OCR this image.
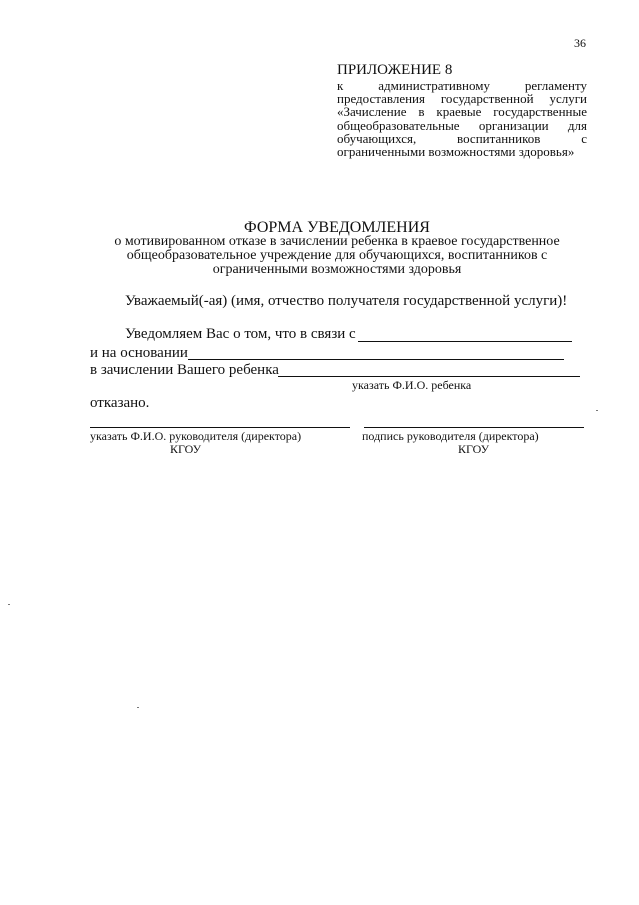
36
ПРИЛОЖЕНИЕ 8
к административному регламенту предоставления государственной услуги «Зачисление в краевые государственные общеобразовательные организации для обучающихся, воспитанников с ограниченными возможностями здоровья»
ФОРМА УВЕДОМЛЕНИЯ
о мотивированном отказе в зачислении ребенка в краевое государственное общеобразовательное учреждение для обучающихся, воспитанников с ограниченными возможностями здоровья
Уважаемый(-ая) (имя, отчество получателя государственной услуги)!
Уведомляем Вас о том, что в связи с
и на основании
в зачислении Вашего ребенка
указать Ф.И.О. ребенка
отказано.
указать Ф.И.О. руководителя (директора)
КГОУ
подпись руководителя (директора)
КГОУ
